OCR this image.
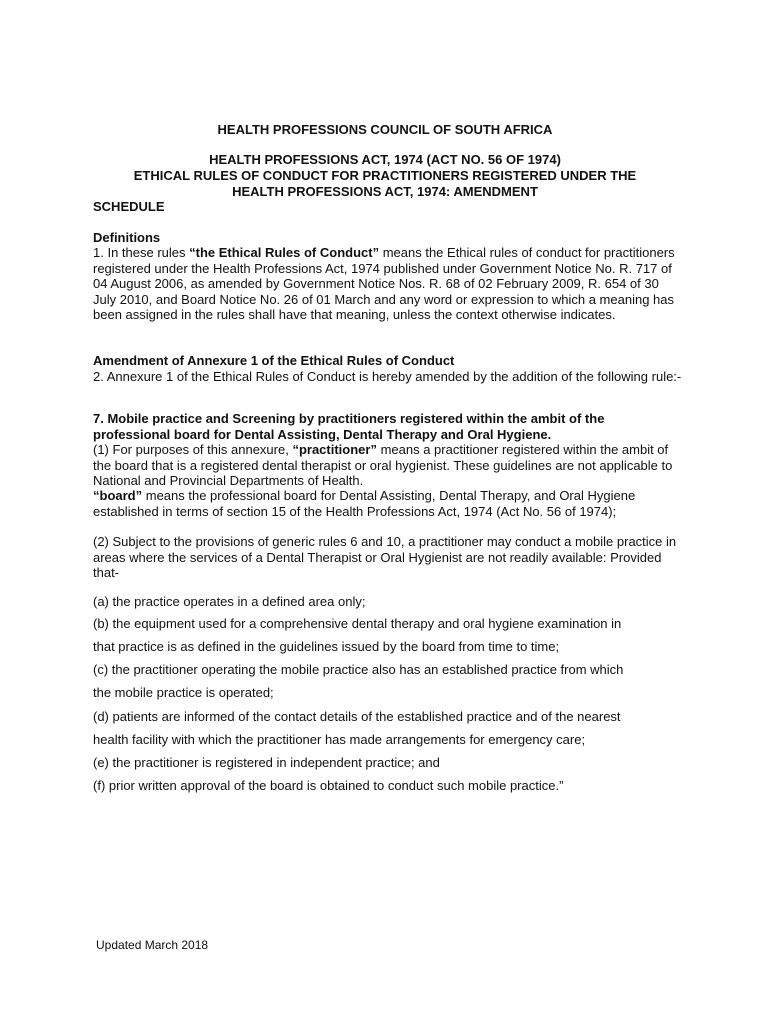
HEALTH PROFESSIONS COUNCIL OF SOUTH AFRICA
HEALTH PROFESSIONS ACT, 1974 (ACT NO. 56 OF 1974)
ETHICAL RULES OF CONDUCT FOR PRACTITIONERS REGISTERED UNDER THE
HEALTH PROFESSIONS ACT, 1974: AMENDMENT
SCHEDULE
Definitions
1. In these rules “the Ethical Rules of Conduct” means the Ethical rules of conduct for practitioners registered under the Health Professions Act, 1974 published under Government Notice No. R. 717 of 04 August 2006, as amended by Government Notice Nos. R. 68 of 02 February 2009, R. 654 of 30 July 2010, and Board Notice No. 26 of 01 March and any word or expression to which a meaning has been assigned in the rules shall have that meaning, unless the context otherwise indicates.
Amendment of Annexure 1 of the Ethical Rules of Conduct
2. Annexure 1 of the Ethical Rules of Conduct is hereby amended by the addition of the following rule:-
7. Mobile practice and Screening by practitioners registered within the ambit of the professional board for Dental Assisting, Dental Therapy and Oral Hygiene.
(1) For purposes of this annexure, “practitioner” means a practitioner registered within the ambit of the board that is a registered dental therapist or oral hygienist. These guidelines are not applicable to National and Provincial Departments of Health.
“board” means the professional board for Dental Assisting, Dental Therapy, and Oral Hygiene established in terms of section 15 of the Health Professions Act, 1974 (Act No. 56 of 1974);
(2) Subject to the provisions of generic rules 6 and 10, a practitioner may conduct a mobile practice in areas where the services of a Dental Therapist or Oral Hygienist are not readily available: Provided that-
(a) the practice operates in a defined area only;
(b) the equipment used for a comprehensive dental therapy and oral hygiene examination in
that practice is as defined in the guidelines issued by the board from time to time;
(c) the practitioner operating the mobile practice also has an established practice from which
the mobile practice is operated;
(d) patients are informed of the contact details of the established practice and of the nearest
health facility with which the practitioner has made arrangements for emergency care;
(e) the practitioner is registered in independent practice; and
(f) prior written approval of the board is obtained to conduct such mobile practice.”
Updated March 2018
